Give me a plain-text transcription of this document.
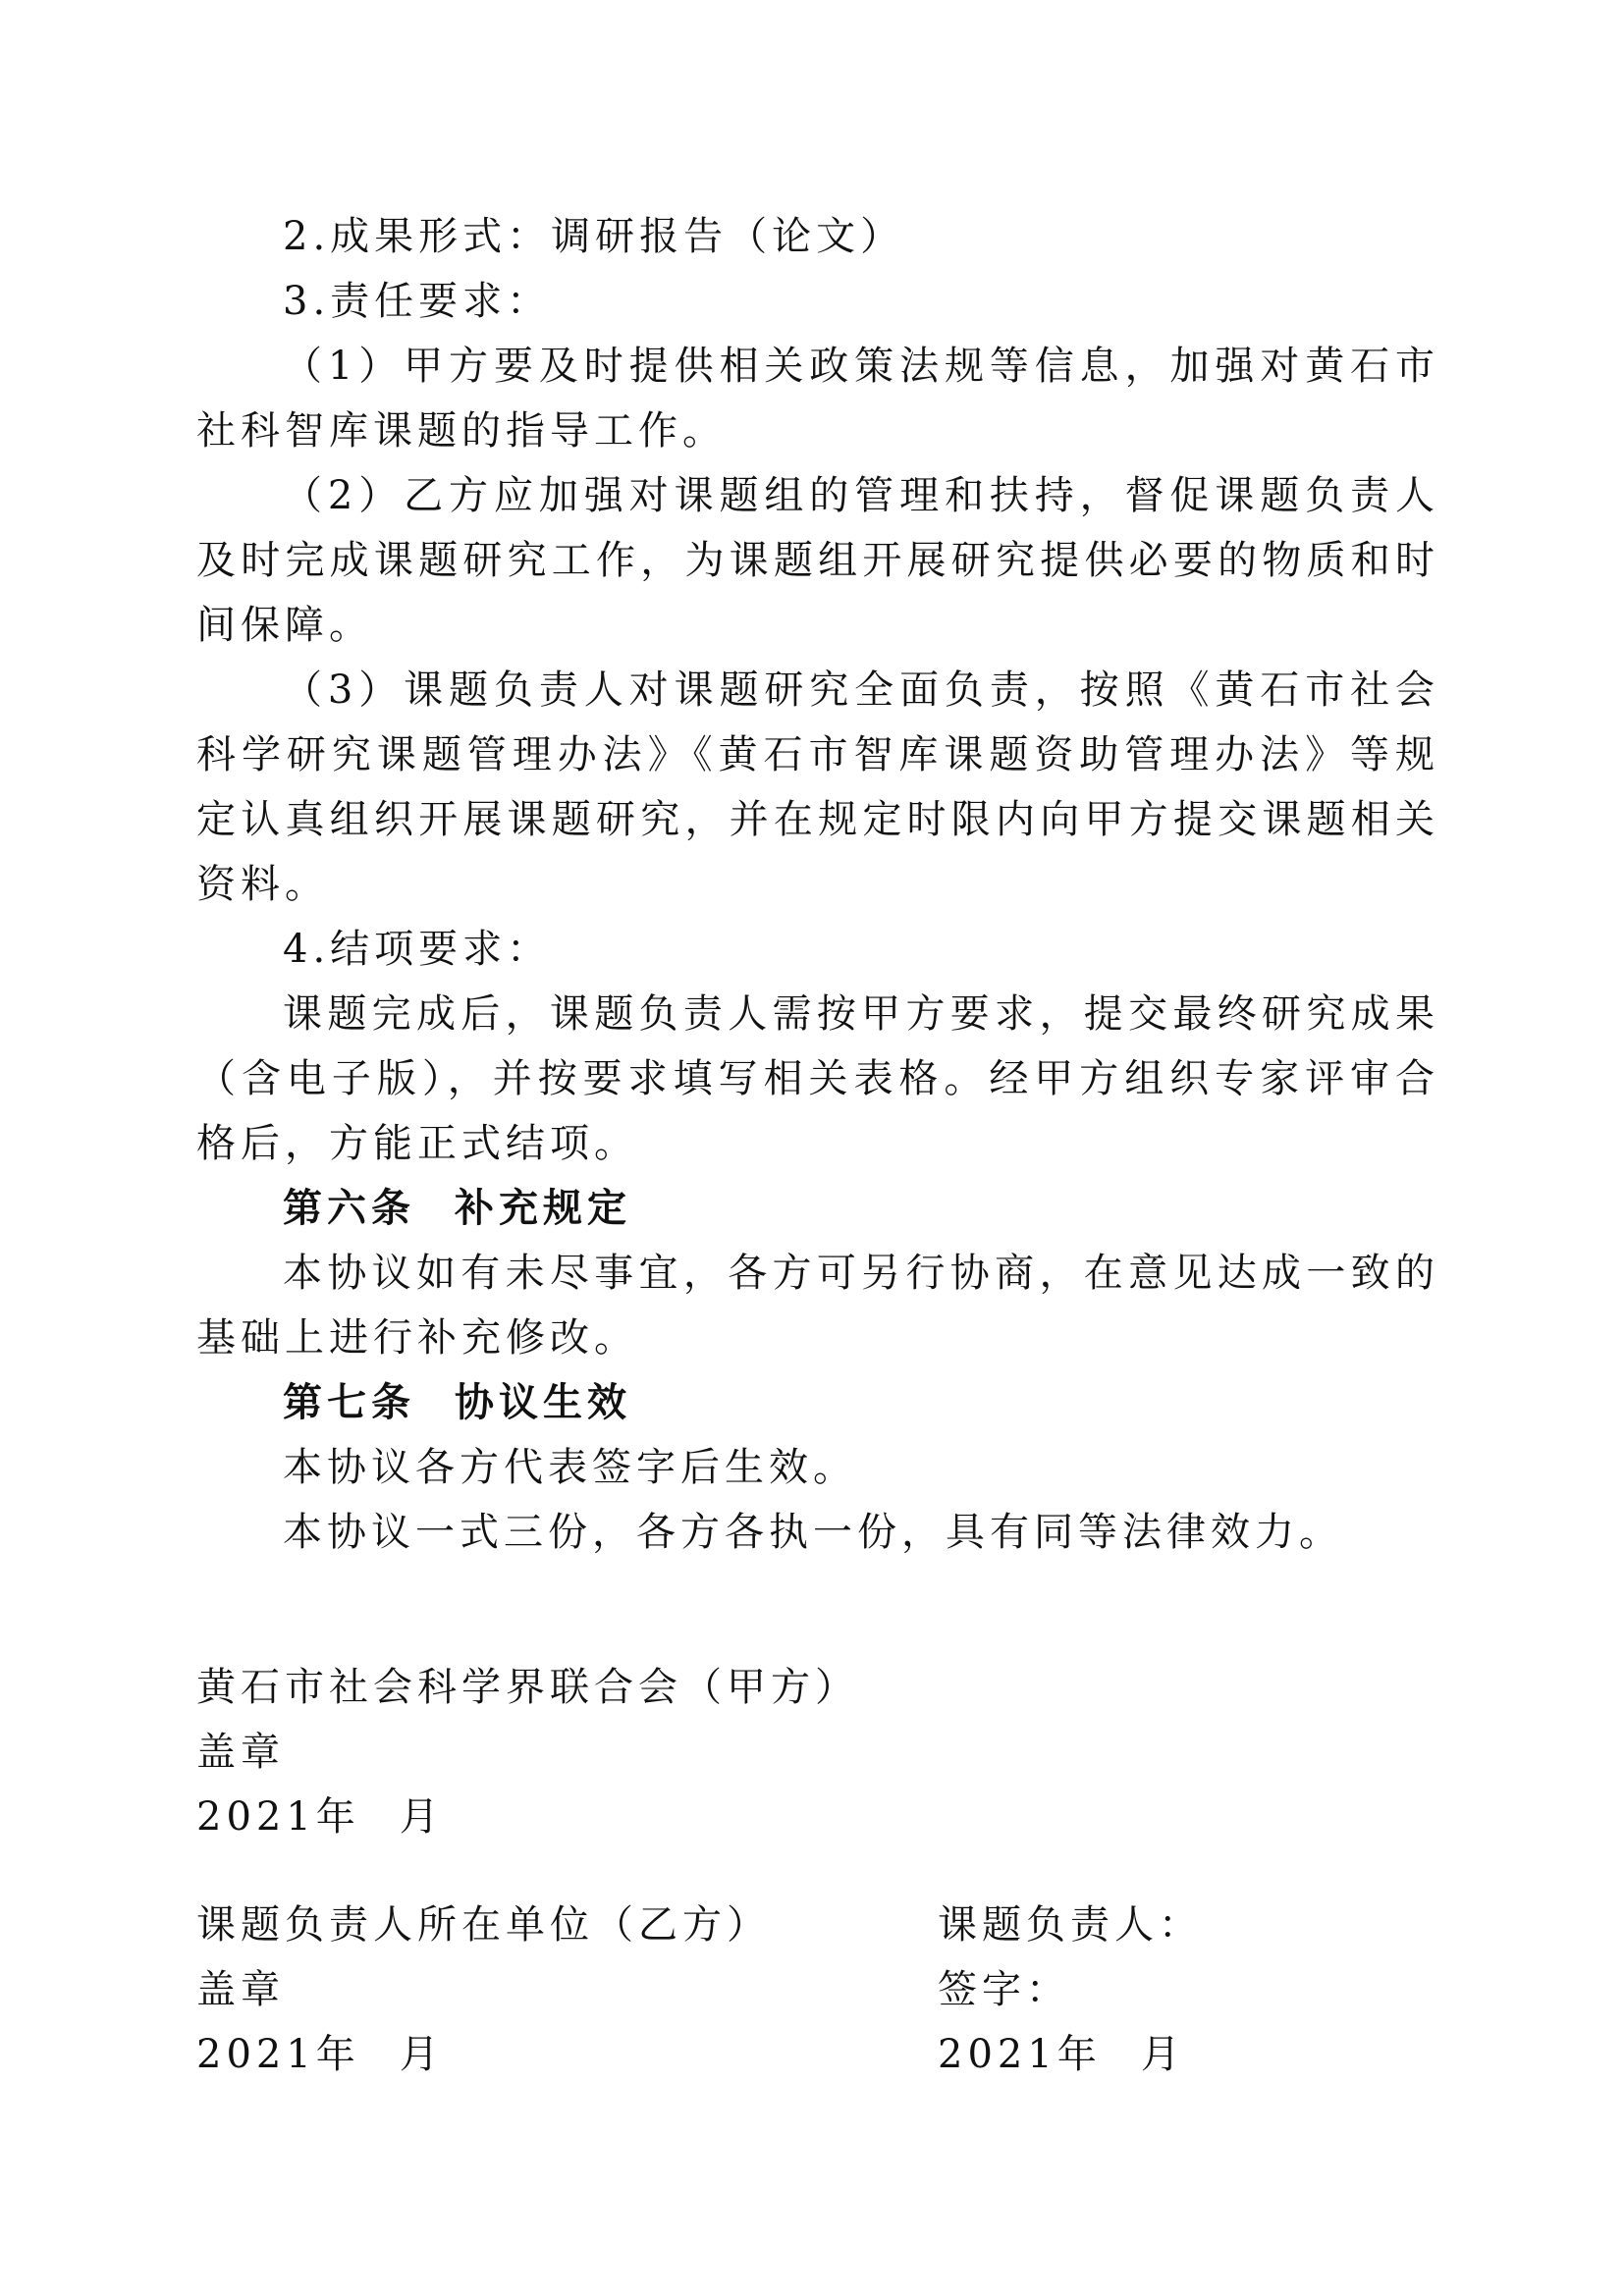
2.成果形式：调研报告（论文）

3.责任要求：

（1）甲方要及时提供相关政策法规等信息，加强对黄石市社科智库课题的指导工作。

（2）乙方应加强对课题组的管理和扶持，督促课题负责人及时完成课题研究工作，为课题组开展研究提供必要的物质和时间保障。

（3）课题负责人对课题研究全面负责，按照《黄石市社会科学研究课题管理办法》《黄石市智库课题资助管理办法》等规定认真组织开展课题研究，并在规定时限内向甲方提交课题相关资料。

4.结项要求：

课题完成后，课题负责人需按甲方要求，提交最终研究成果（含电子版），并按要求填写相关表格。经甲方组织专家评审合格后，方能正式结项。

第六条 补充规定

本协议如有未尽事宜，各方可另行协商，在意见达成一致的基础上进行补充修改。

第七条 协议生效

本协议各方代表签字后生效。

本协议一式三份，各方各执一份，具有同等法律效力。

黄石市社会科学界联合会（甲方）
盖章
2021年 月
课题负责人所在单位（乙方）
盖章
2021年 月
课题负责人：
签字：
2021年 月
